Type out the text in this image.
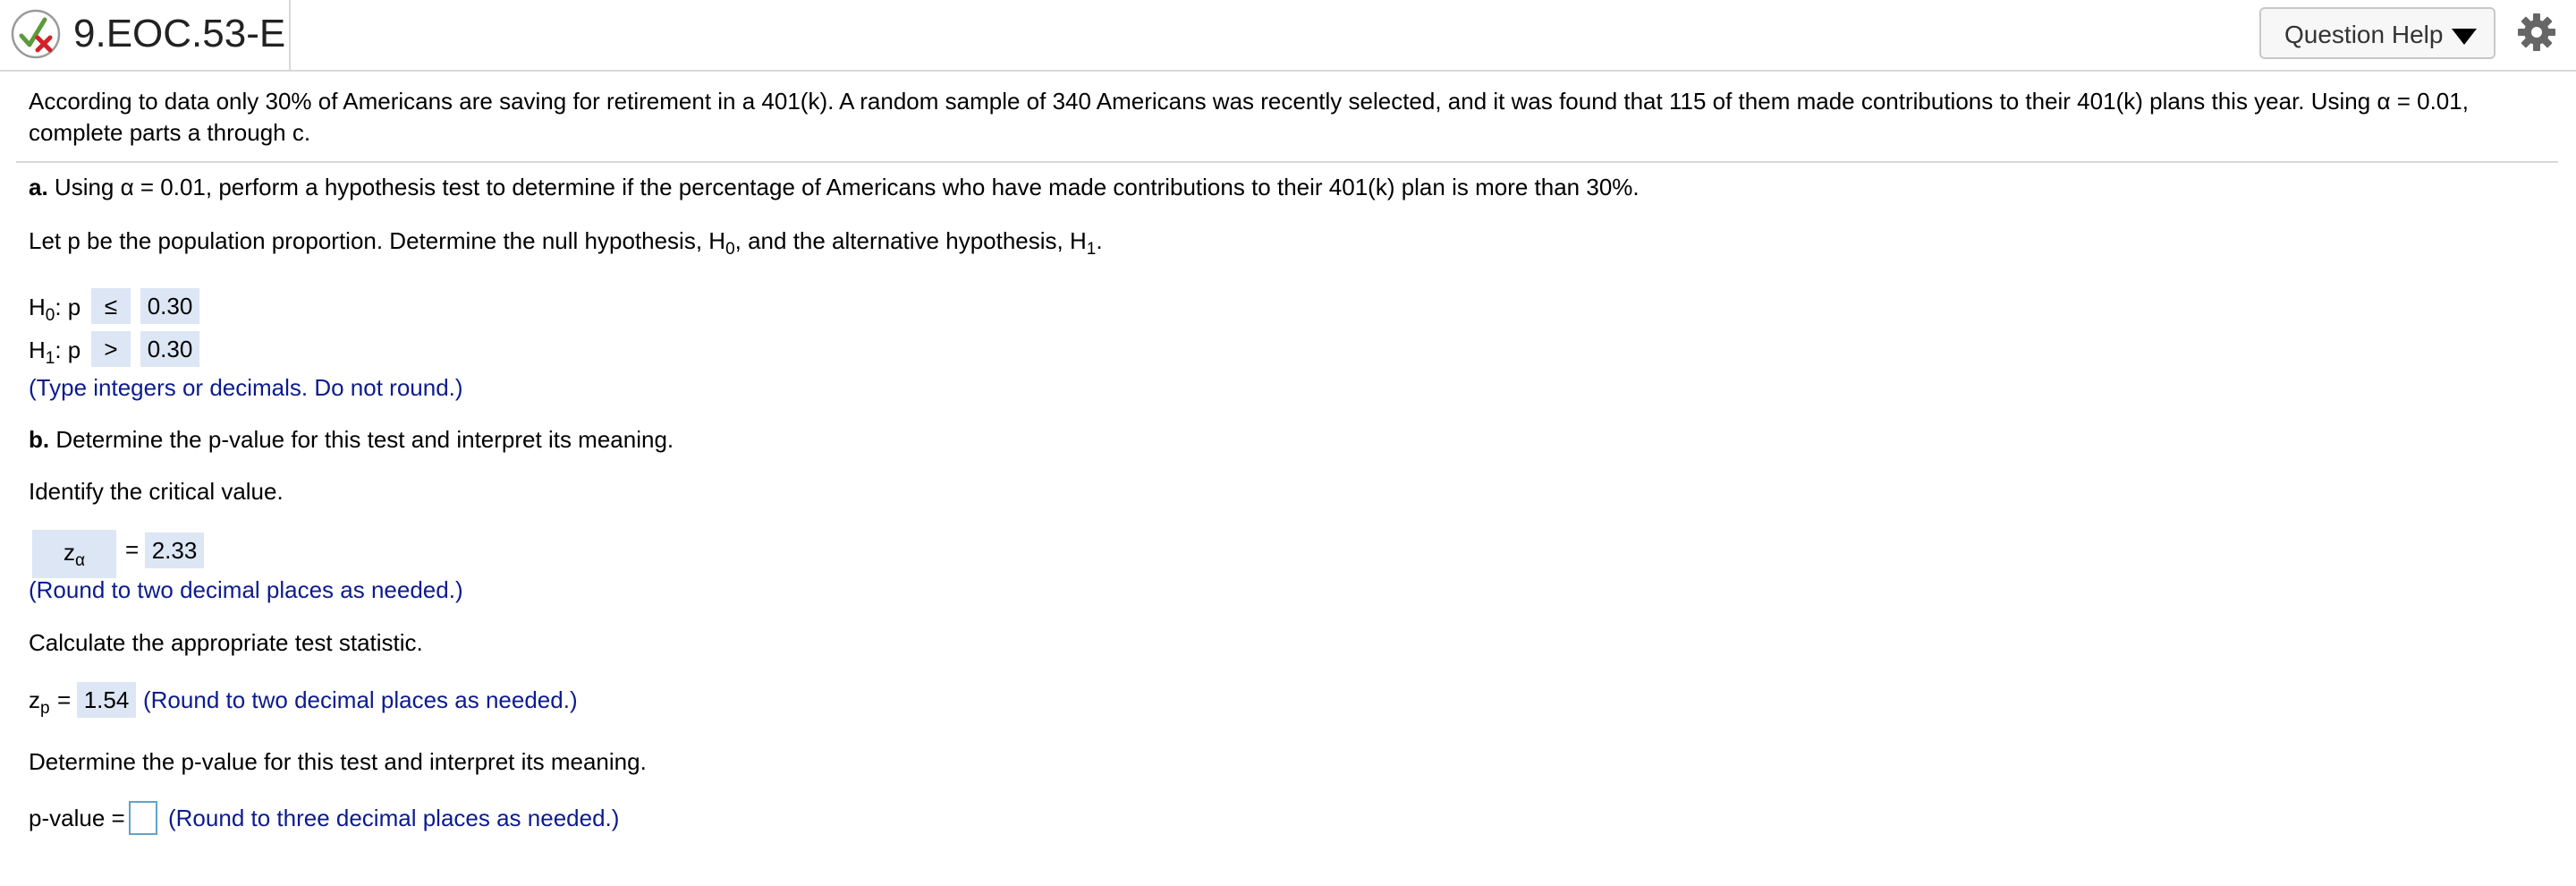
9.EOC.53-E	Question Help
According to data only 30% of Americans are saving for retirement in a 401(k). A random sample of 340 Americans was recently selected, and it was found that 115 of them made contributions to their 401(k) plans this year. Using α = 0.01, complete parts a through c.
a. Using α = 0.01, perform a hypothesis test to determine if the percentage of Americans who have made contributions to their 401(k) plan is more than 30%.
Let p be the population proportion. Determine the null hypothesis, $H_0$, and the alternative hypothesis, $H_1$.
$H_0$: p	≤	0.30
$H_1$: p	>	0.30
(Type integers or decimals. Do not round.)
b. Determine the p-value for this test and interpret its meaning.
Identify the critical value.
$z_\alpha$	= 2.33
(Round to two decimal places as needed.)
Calculate the appropriate test statistic.
$z_p = 1.54$ (Round to two decimal places as needed.)
Determine the p-value for this test and interpret its meaning.
p-value = (Round to three decimal places as needed.)
